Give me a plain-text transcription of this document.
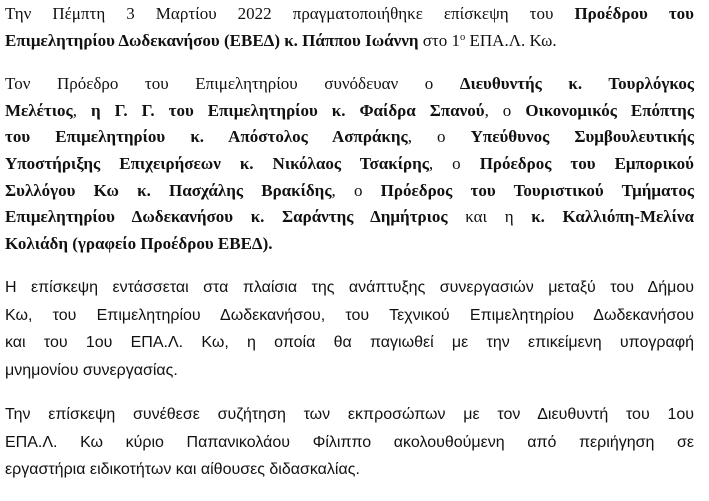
Την Πέμπτη 3 Μαρτίου 2022 πραγματοποιήθηκε επίσκεψη του Προέδρου του
Επιμελητηρίου Δωδεκανήσου (ΕΒΕΔ) κ. Πάππου Ιωάννη στο $1^o$ ΕΠΑ.Λ. Κω.
Τον Πρόεδρο του Επιμελητηρίου συνόδευαν ο Διευθυντής κ. Τουρλόγκος
Μελέτιος, η Γ. Γ. του Επιμελητηρίου κ. Φαίδρα Σπανού, ο Οικονομικός Επόπτης
του Επιμελητηρίου κ. Απόστολος Ασπράκης, ο Υπεύθυνος Συμβουλευτικής
Υποστήριξης Επιχειρήσεων κ. Νικόλαος Τσακίρης, ο Πρόεδρος του Εμπορικού
Συλλόγου Κω κ. Πασχάλης Βρακίδης, ο Πρόεδρος του Τουριστικού Τμήματος
Επιμελητηρίου Δωδεκανήσου κ. Σαράντης Δημήτριος και η κ. Καλλιόπη-Μελίνα
Κολιάδη (γραφείο Προέδρου ΕΒΕΔ).
Η επίσκεψη εντάσσεται στα πλαίσια της ανάπτυξης συνεργασιών μεταξύ του Δήμου
Κω, του Επιμελητηρίου Δωδεκανήσου, του Τεχνικού Επιμελητηρίου Δωδεκανήσου
και του 1ου ΕΠΑ.Λ. Κω, η οποία θα παγιωθεί με την επικείμενη υπογραφή
μνημονίου συνεργασίας.
Την επίσκεψη συνέθεσε συζήτηση των εκπροσώπων με τον Διευθυντή του 1ου
ΕΠΑ.Λ. Κω κύριο Παπανικολάου Φίλιππο ακολουθούμενη από περιήγηση σε
εργαστήρια ειδικοτήτων και αίθουσες διδασκαλίας.
